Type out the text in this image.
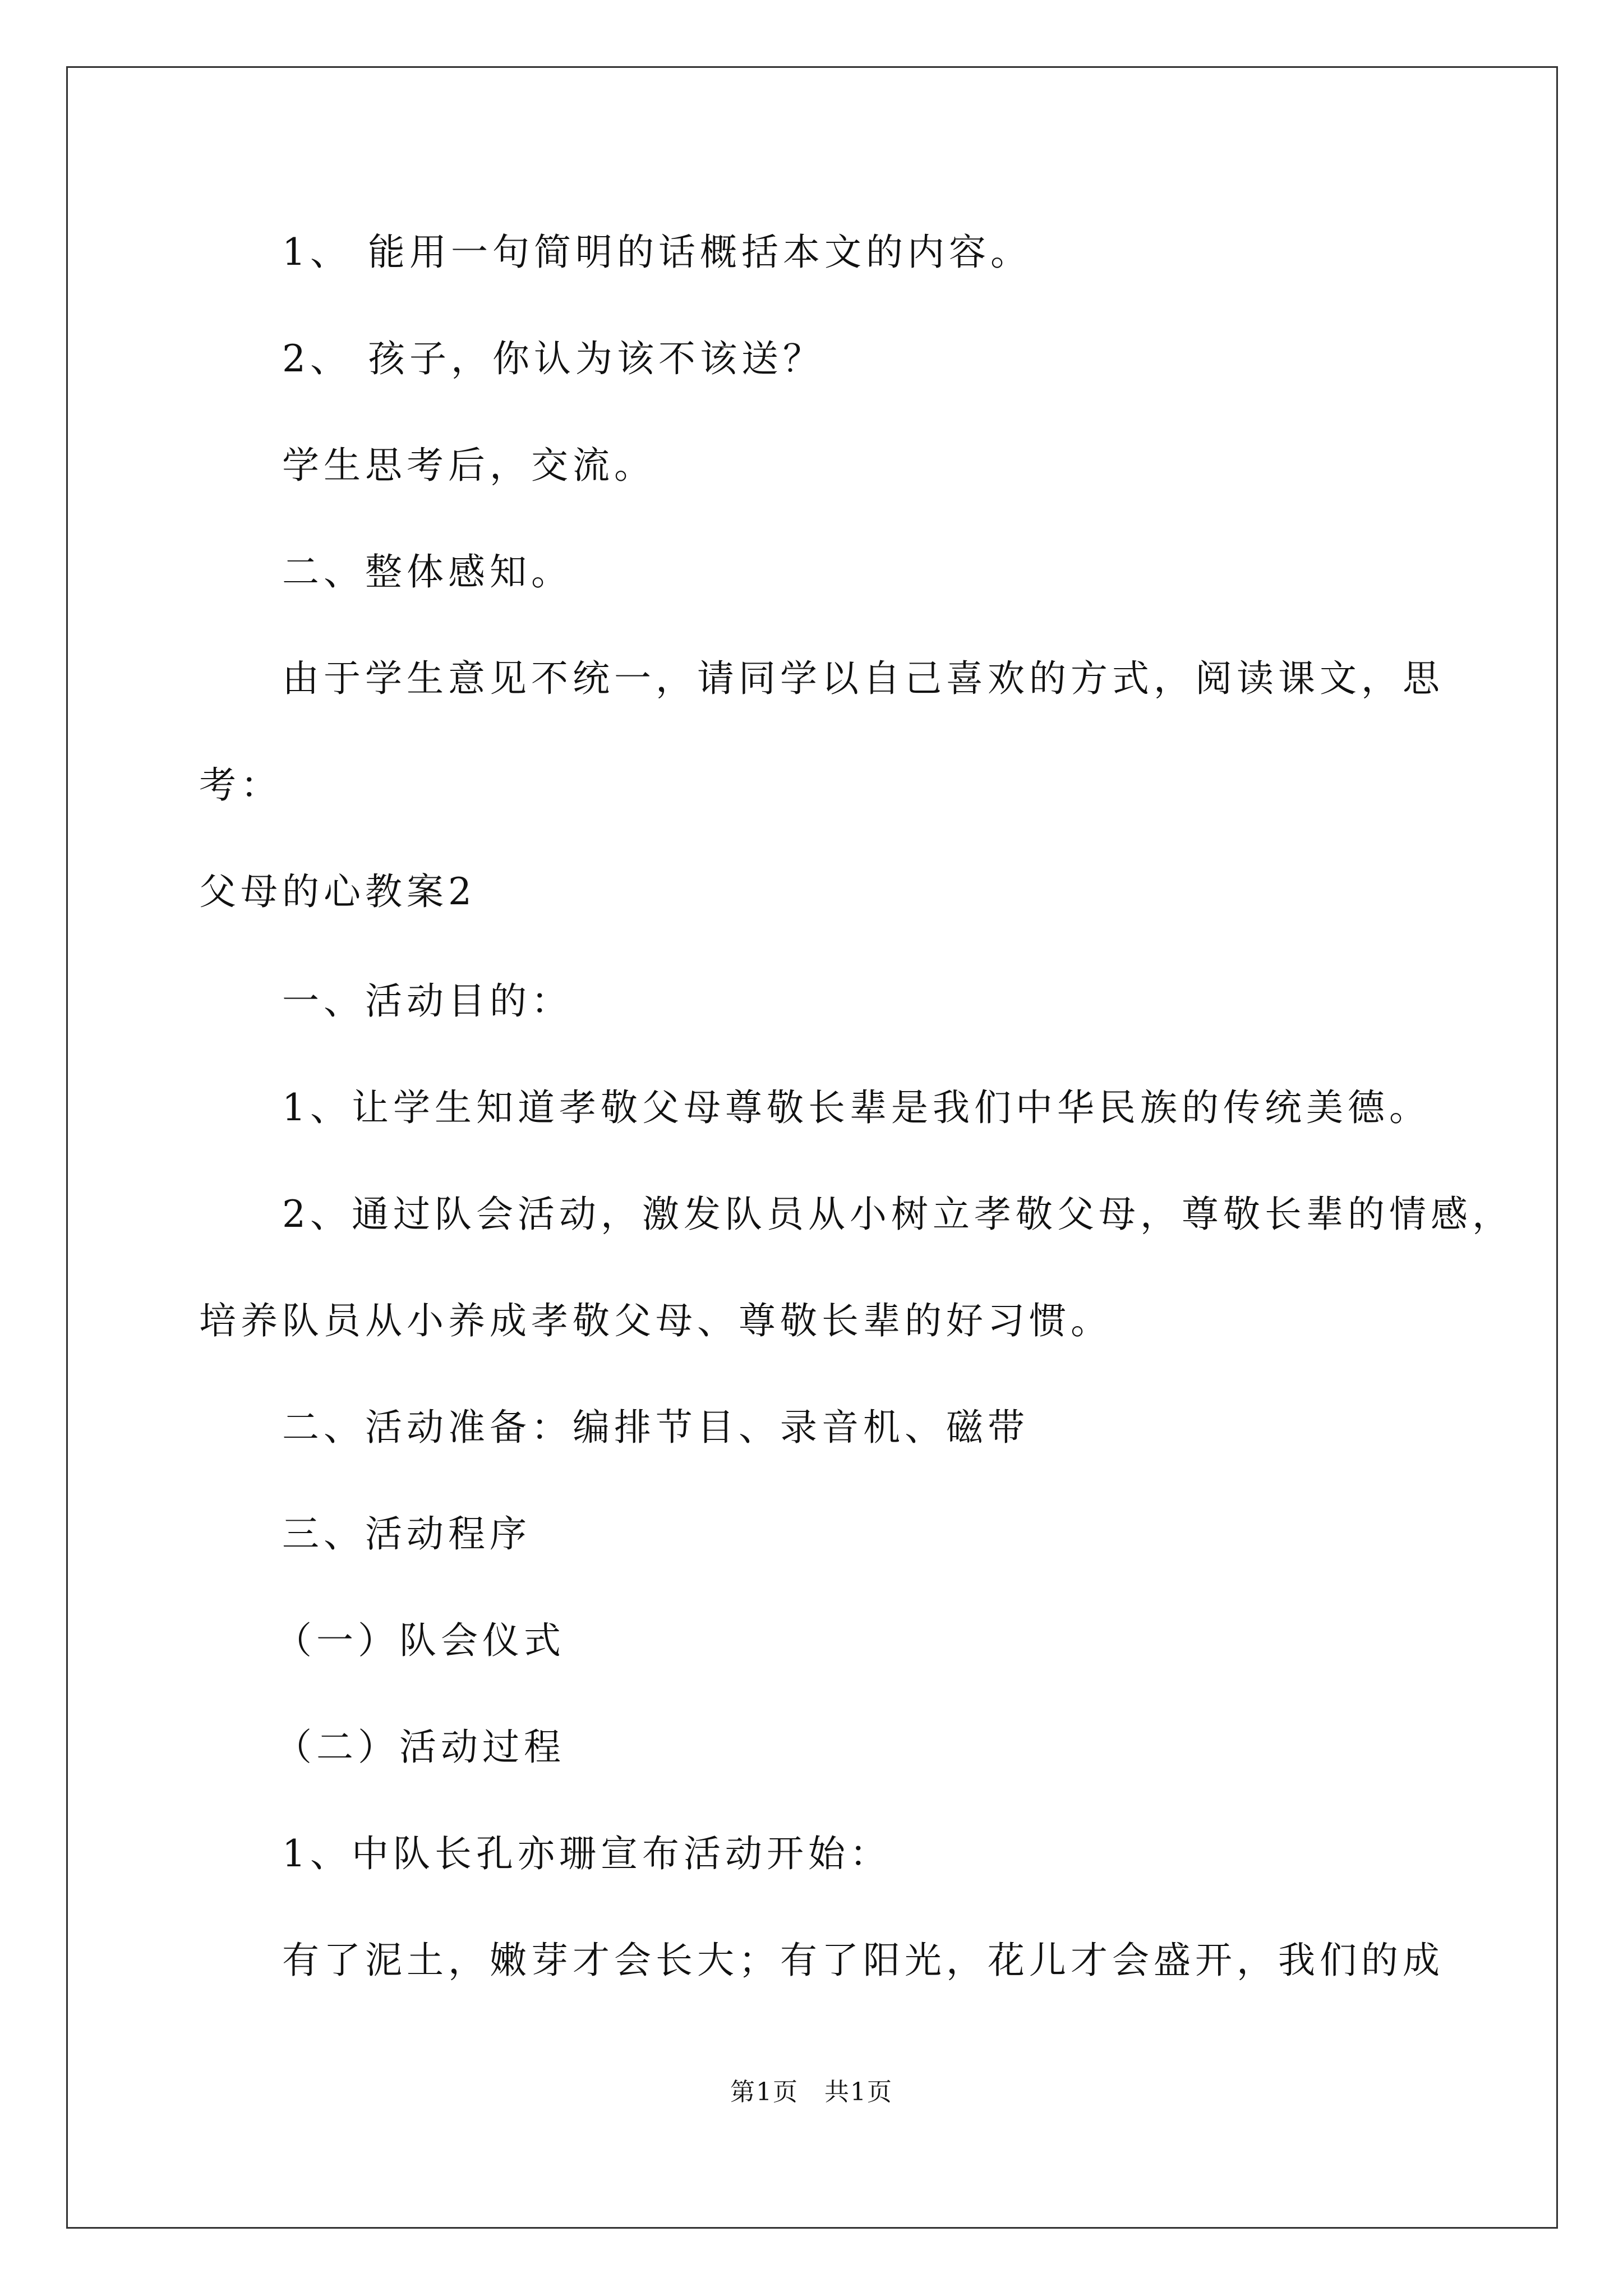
1、 能用一句简明的话概括本文的内容。
2、 孩子，你认为该不该送？
学生思考后，交流。
二、整体感知。
由于学生意见不统一，请同学以自己喜欢的方式，阅读课文，思
考：
父母的心教案2
一、活动目的：
1、让学生知道孝敬父母尊敬长辈是我们中华民族的传统美德。
2、通过队会活动，激发队员从小树立孝敬父母，尊敬长辈的情感，
培养队员从小养成孝敬父母、尊敬长辈的好习惯。
二、活动准备：编排节目、录音机、磁带
三、活动程序
（一）队会仪式
（二）活动过程
1、中队长孔亦珊宣布活动开始：
有了泥土，嫩芽才会长大；有了阳光，花儿才会盛开，我们的成
第1页　共1页
